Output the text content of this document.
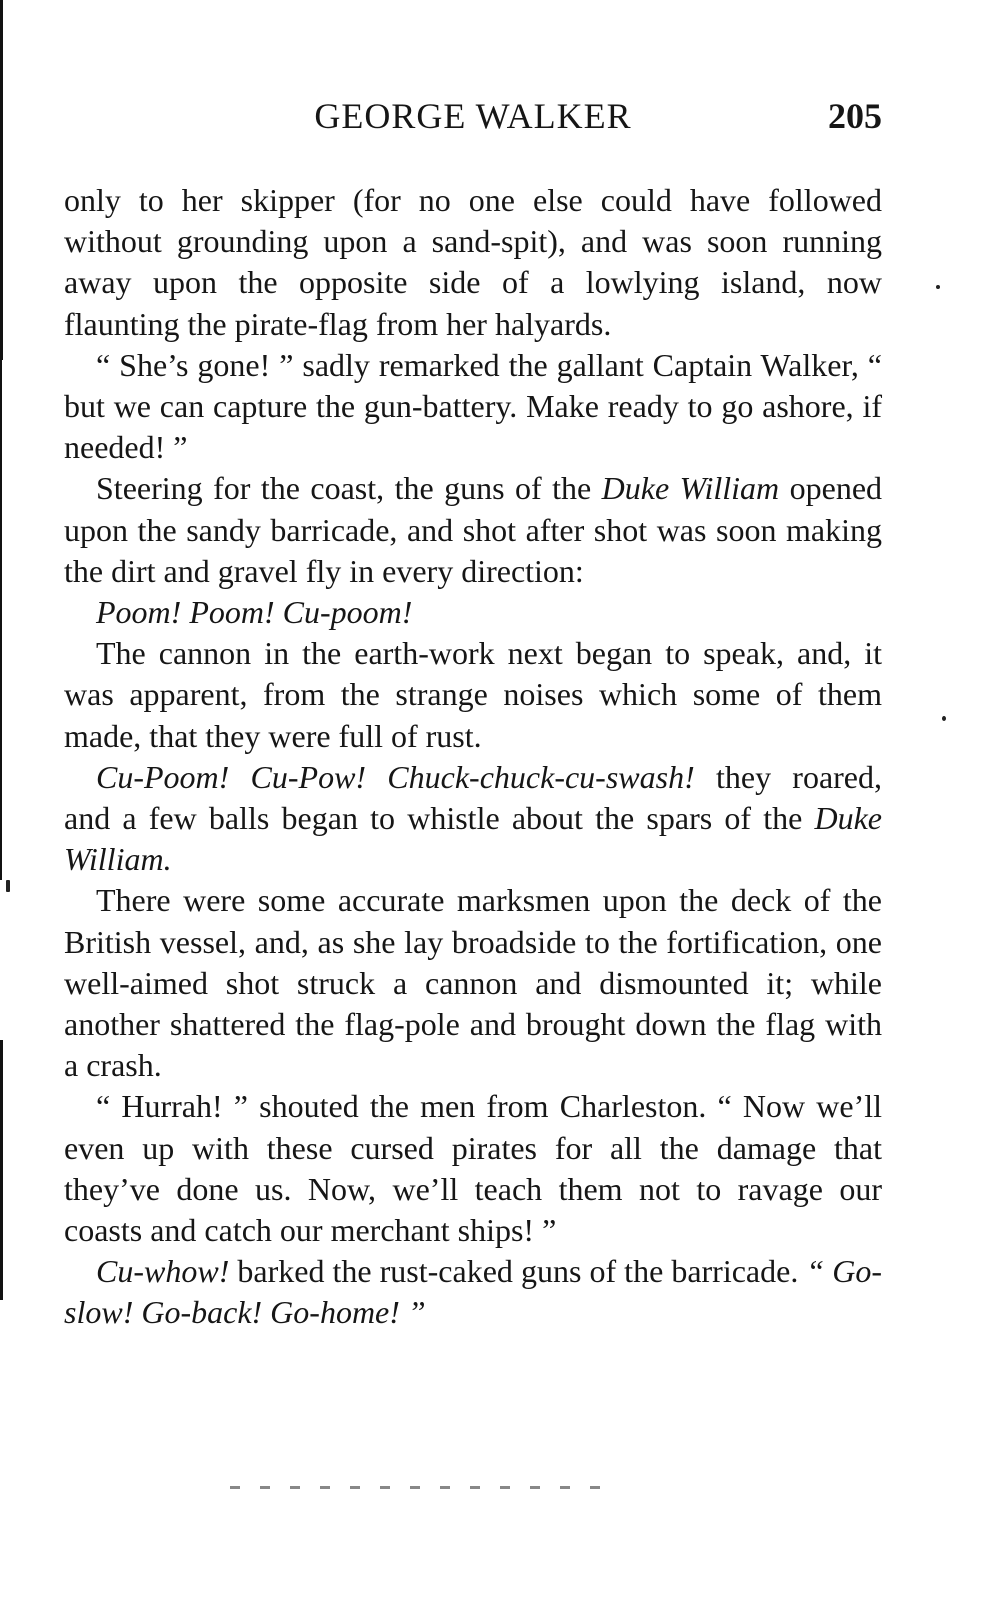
GEORGE WALKER	205

only to her skipper (for no one else could have followed without grounding upon a sand-spit), and was soon running away upon the opposite side of a lowlying island, now flaunting the pirate-flag from her halyards.

“ She’s gone! ” sadly remarked the gallant Captain Walker, “ but we can capture the gun-battery. Make ready to go ashore, if needed! ”

Steering for the coast, the guns of the Duke William opened upon the sandy barricade, and shot after shot was soon making the dirt and gravel fly in every direction:

Poom! Poom! Cu-poom!

The cannon in the earth-work next began to speak, and, it was apparent, from the strange noises which some of them made, that they were full of rust.

Cu-Poom! Cu-Pow! Chuck-chuck-cu-swash! they roared, and a few balls began to whistle about the spars of the Duke William.

There were some accurate marksmen upon the deck of the British vessel, and, as she lay broadside to the fortification, one well-aimed shot struck a cannon and dismounted it; while another shattered the flag-pole and brought down the flag with a crash.

“ Hurrah! ” shouted the men from Charleston. “ Now we’ll even up with these cursed pirates for all the damage that they’ve done us. Now, we’ll teach them not to ravage our coasts and catch our merchant ships! ”

Cu-whow! barked the rust-caked guns of the barricade. “ Go-slow! Go-back! Go-home! ”
